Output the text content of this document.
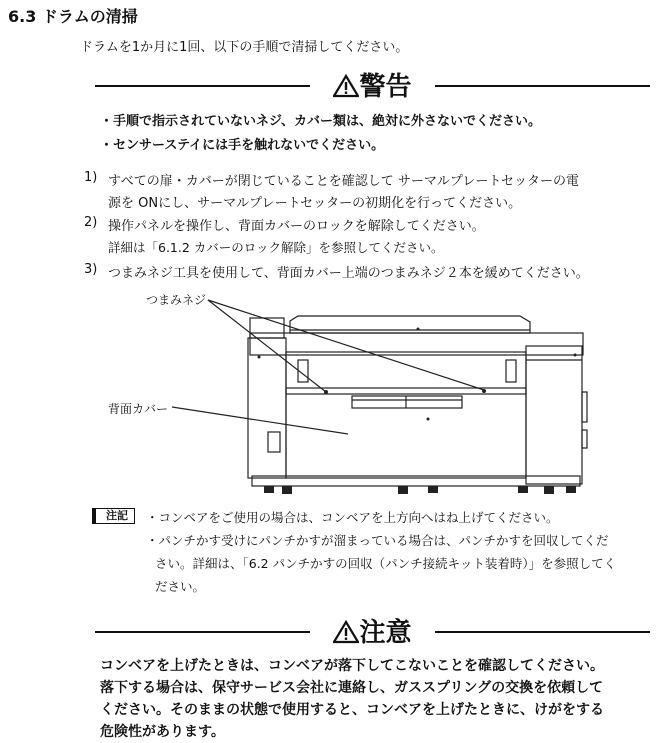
6.3 ドラムの清掃
ドラムを1か月に1回、以下の手順で清掃してください。
警告
・手順で指示されていないネジ、カバー類は、絶対に外さないでください。
・センサーステイには手を触れないでください。
1) すべての扉・カバーが閉じていることを確認して サーマルプレートセッターの電
源を ONにし、サーマルプレートセッターの初期化を行ってください。
2) 操作パネルを操作し、背面カバーのロックを解除してください。
詳細は「6.1.2 カバーのロック解除」を参照してください。
3) つまみネジ工具を使用して、背面カバー上端のつまみネジ２本を緩めてください。
つまみネジ
背面カバー
注記	・コンベアをご使用の場合は、コンベアを上方向へはね上げてください。
・パンチかす受けにパンチかすが溜まっている場合は、パンチかすを回収してくだ
さい。詳細は、「6.2 パンチかすの回収（パンチ接続キット装着時）」を参照してく
ださい。
注意
コンベアを上げたときは、コンベアが落下してこないことを確認してください。
落下する場合は、保守サービス会社に連絡し、ガススプリングの交換を依頼して
ください。そのままの状態で使用すると、コンベアを上げたときに、けがをする
危険性があります。
